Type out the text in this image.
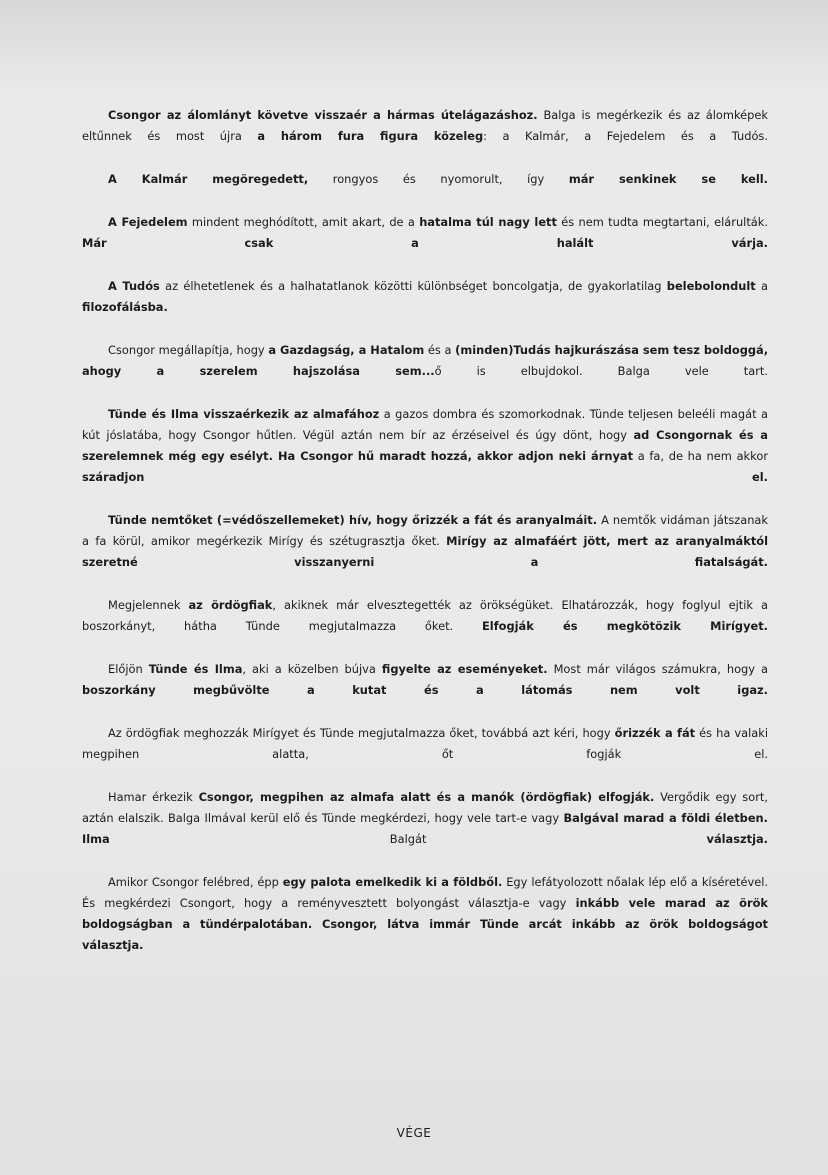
Csongor az álomlányt követve visszaér a hármas útelágazáshoz. Balga is megérkezik és az álomképek eltűnnek és most újra a három fura figura közeleg: a Kalmár, a Fejedelem és a Tudós.

A Kalmár megöregedett, rongyos és nyomorult, így már senkinek se kell.

A Fejedelem mindent meghódított, amit akart, de a hatalma túl nagy lett és nem tudta megtartani, elárulták. Már csak a halált várja.

A Tudós az élhetetlenek és a halhatatlanok közötti különbséget boncolgatja, de gyakorlatilag belebolondult a filozofálásba.

Csongor megállapítja, hogy a Gazdagság, a Hatalom és a (minden)Tudás hajkurászása sem tesz boldoggá, ahogy a szerelem hajszolása sem...ő is elbujdokol. Balga vele tart.

Tünde és Ilma visszaérkezik az almafához a gazos dombra és szomorkodnak. Tünde teljesen beleéli magát a kút jóslatába, hogy Csongor hűtlen. Végül aztán nem bír az érzéseivel és úgy dönt, hogy ad Csongornak és a szerelemnek még egy esélyt. Ha Csongor hű maradt hozzá, akkor adjon neki árnyat a fa, de ha nem akkor száradjon el.

Tünde nemtőket (=védőszellemeket) hív, hogy őrizzék a fát és aranyalmáit. A nemtők vidáman játszanak a fa körül, amikor megérkezik Mirígy és szétugrasztja őket. Mirígy az almafáért jött, mert az aranyalmáktól szeretné visszanyerni a fiatalságát.

Megjelennek az ördögfiak, akiknek már elvesztegették az örökségüket. Elhatározzák, hogy foglyul ejtik a boszorkányt, hátha Tünde megjutalmazza őket. Elfogják és megkötözik Mirígyet.

Előjön Tünde és Ilma, aki a közelben bújva figyelte az eseményeket. Most már világos számukra, hogy a boszorkány megbűvölte a kutat és a látomás nem volt igaz.

Az ördögfiak meghozzák Mirígyet és Tünde megjutalmazza őket, továbbá azt kéri, hogy őrizzék a fát és ha valaki megpihen alatta, őt fogják el.

Hamar érkezik Csongor, megpihen az almafa alatt és a manók (ördögfiak) elfogják. Vergődik egy sort, aztán elalszik. Balga Ilmával kerül elő és Tünde megkérdezi, hogy vele tart-e vagy Balgával marad a földi életben. Ilma Balgát választja.

Amikor Csongor felébred, épp egy palota emelkedik ki a földből. Egy lefátyolozott nőalak lép elő a kíséretével. És megkérdezi Csongort, hogy a reményvesztett bolyongást választja-e vagy inkább vele marad az örök boldogságban a tündérpalotában. Csongor, látva immár Tünde arcát inkább az örök boldogságot választja.

VÉGE
